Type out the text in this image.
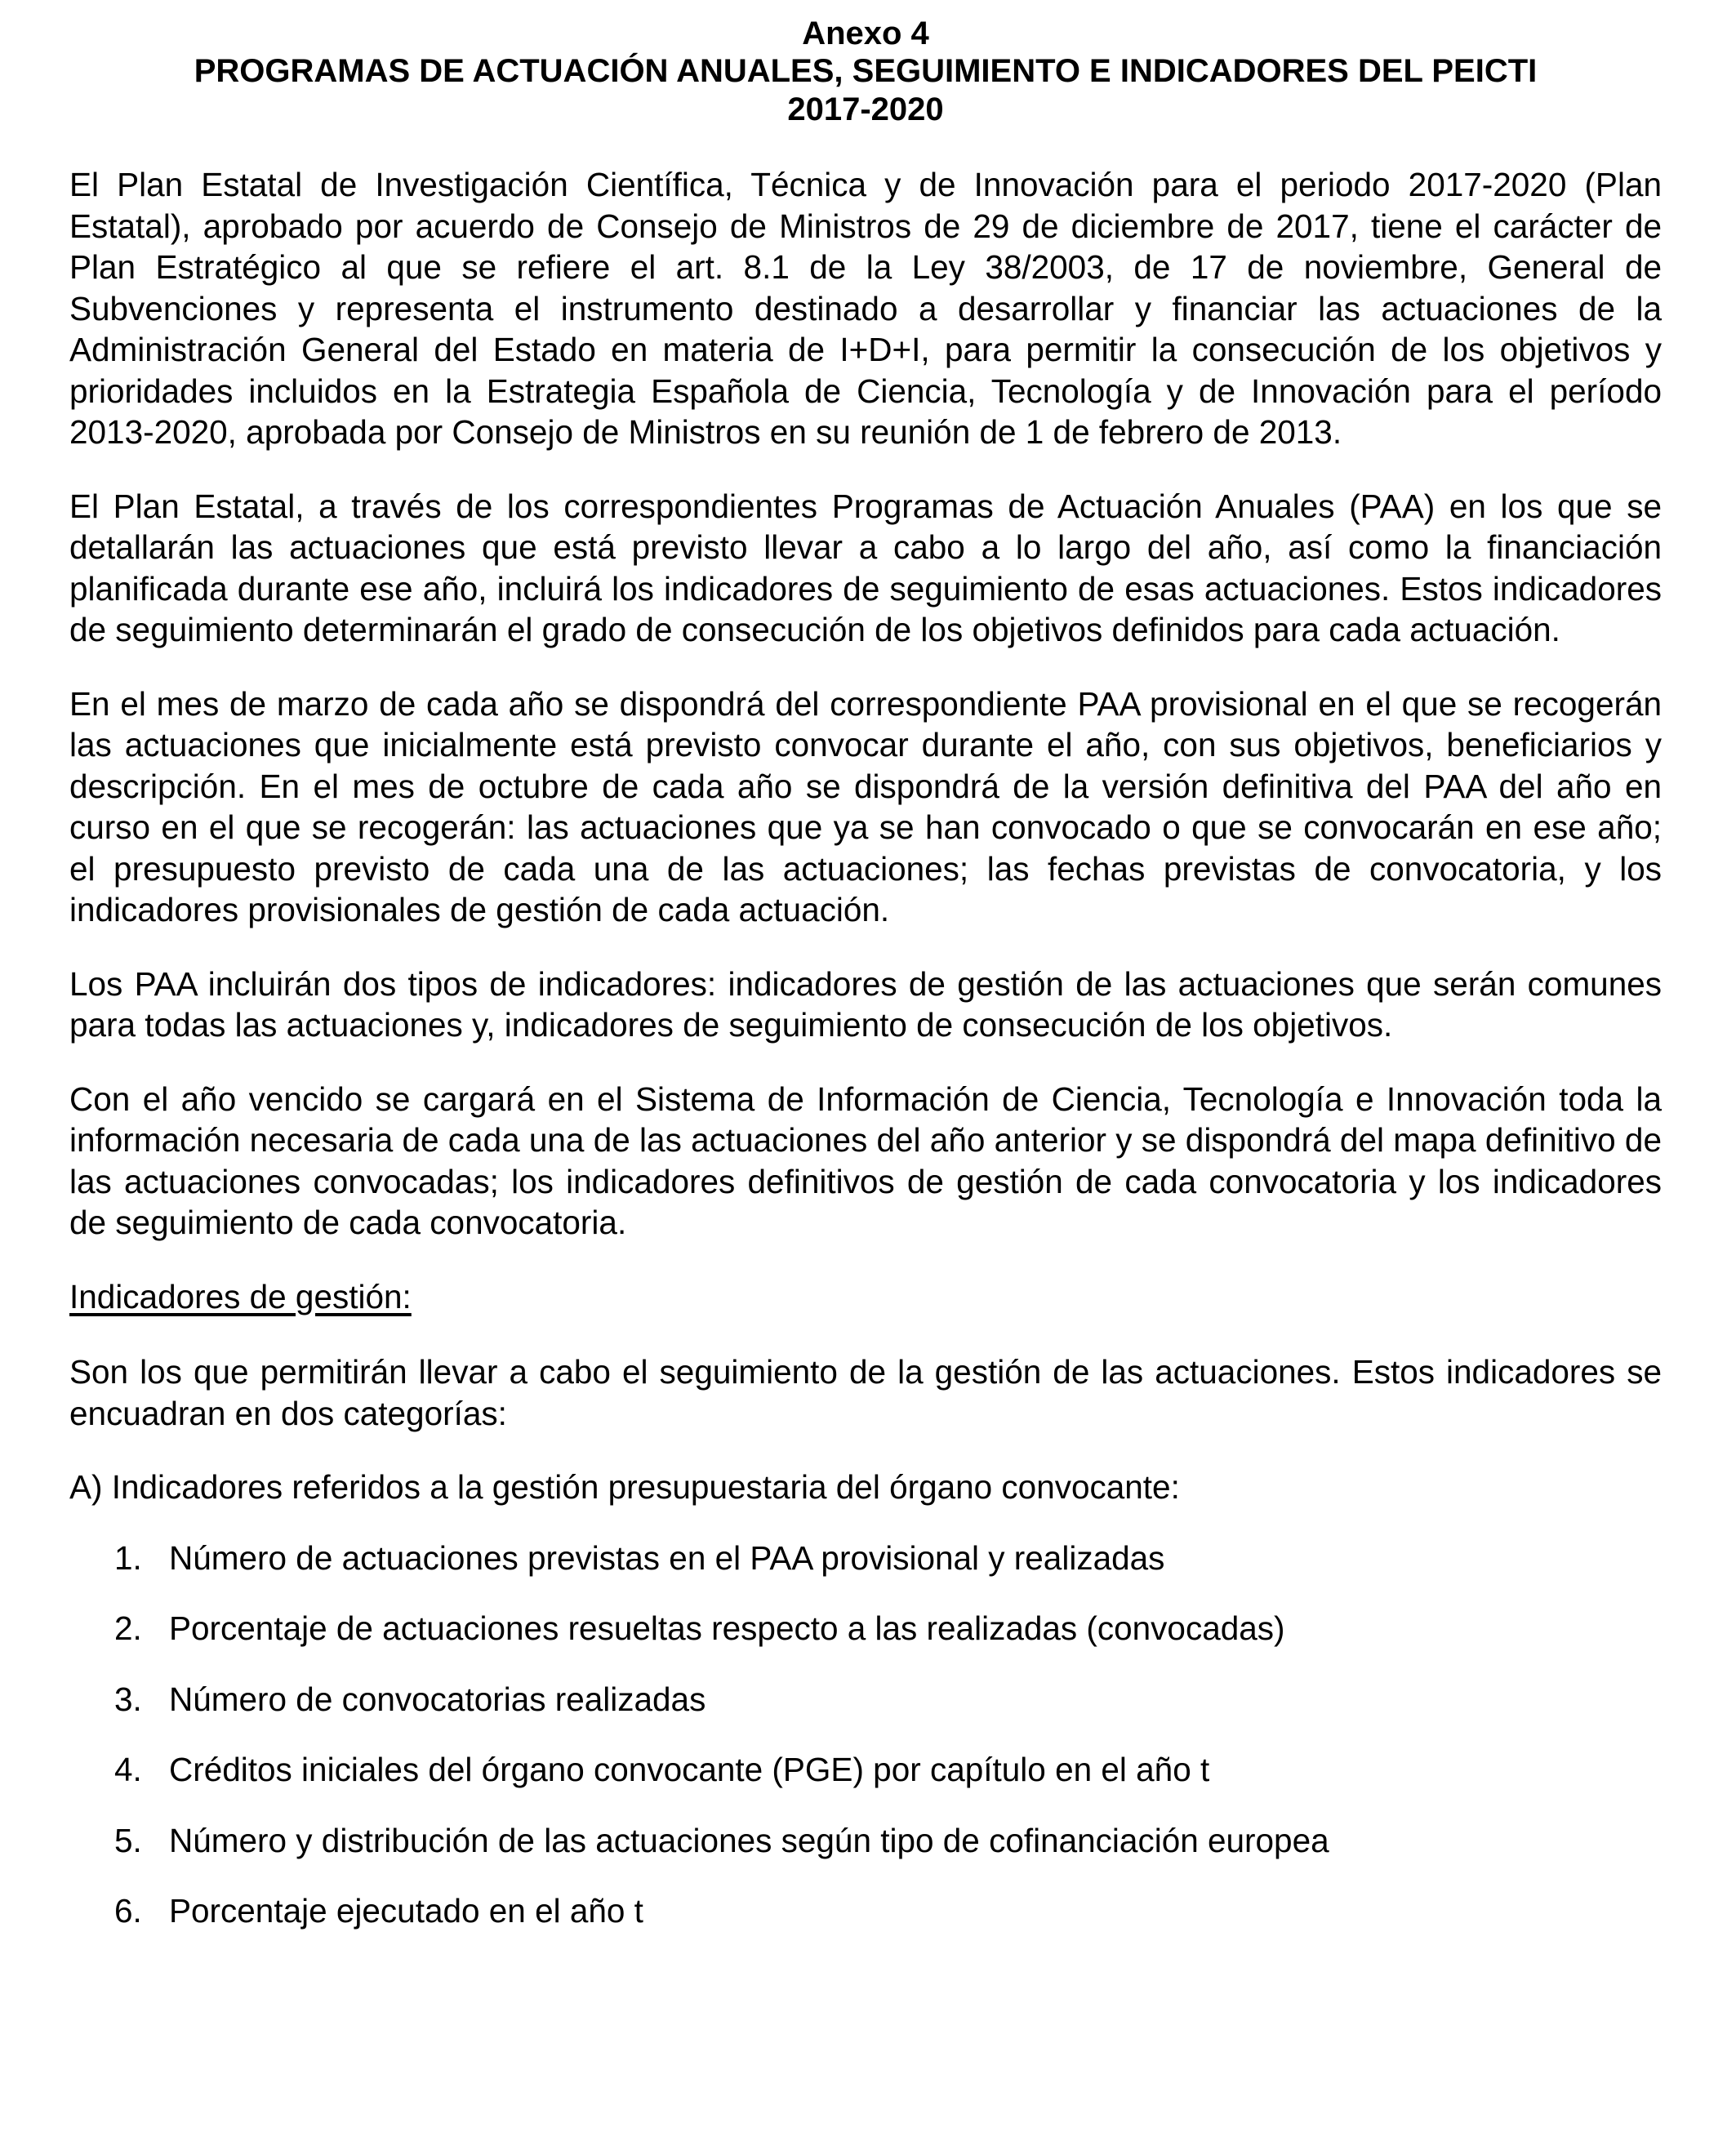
Anexo 4
PROGRAMAS DE ACTUACIÓN ANUALES, SEGUIMIENTO E INDICADORES DEL PEICTI
2017-2020

El Plan Estatal de Investigación Científica, Técnica y de Innovación para el periodo 2017-2020 (Plan Estatal), aprobado por acuerdo de Consejo de Ministros de 29 de diciembre de 2017, tiene el carácter de Plan Estratégico al que se refiere el art. 8.1 de la Ley 38/2003, de 17 de noviembre, General de Subvenciones y representa el instrumento destinado a desarrollar y financiar las actuaciones de la Administración General del Estado en materia de I+D+I, para permitir la consecución de los objetivos y prioridades incluidos en la Estrategia Española de Ciencia, Tecnología y de Innovación para el período 2013-2020, aprobada por Consejo de Ministros en su reunión de 1 de febrero de 2013.

El Plan Estatal, a través de los correspondientes Programas de Actuación Anuales (PAA) en los que se detallarán las actuaciones que está previsto llevar a cabo a lo largo del año, así como la financiación planificada durante ese año, incluirá los indicadores de seguimiento de esas actuaciones. Estos indicadores de seguimiento determinarán el grado de consecución de los objetivos definidos para cada actuación.

En el mes de marzo de cada año se dispondrá del correspondiente PAA provisional en el que se recogerán las actuaciones que inicialmente está previsto convocar durante el año, con sus objetivos, beneficiarios y descripción. En el mes de octubre de cada año se dispondrá de la versión definitiva del PAA del año en curso en el que se recogerán: las actuaciones que ya se han convocado o que se convocarán en ese año; el presupuesto previsto de cada una de las actuaciones; las fechas previstas de convocatoria, y los indicadores provisionales de gestión de cada actuación.

Los PAA incluirán dos tipos de indicadores: indicadores de gestión de las actuaciones que serán comunes para todas las actuaciones y, indicadores de seguimiento de consecución de los objetivos.

Con el año vencido se cargará en el Sistema de Información de Ciencia, Tecnología e Innovación toda la información necesaria de cada una de las actuaciones del año anterior y se dispondrá del mapa definitivo de las actuaciones convocadas; los indicadores definitivos de gestión de cada convocatoria y los indicadores de seguimiento de cada convocatoria.

Indicadores de gestión:

Son los que permitirán llevar a cabo el seguimiento de la gestión de las actuaciones. Estos indicadores se encuadran en dos categorías:

A) Indicadores referidos a la gestión presupuestaria del órgano convocante:
1. Número de actuaciones previstas en el PAA provisional y realizadas
2. Porcentaje de actuaciones resueltas respecto a las realizadas (convocadas)
3. Número de convocatorias realizadas
4. Créditos iniciales del órgano convocante (PGE) por capítulo en el año t
5. Número y distribución de las actuaciones según tipo de cofinanciación europea
6. Porcentaje ejecutado en el año t
